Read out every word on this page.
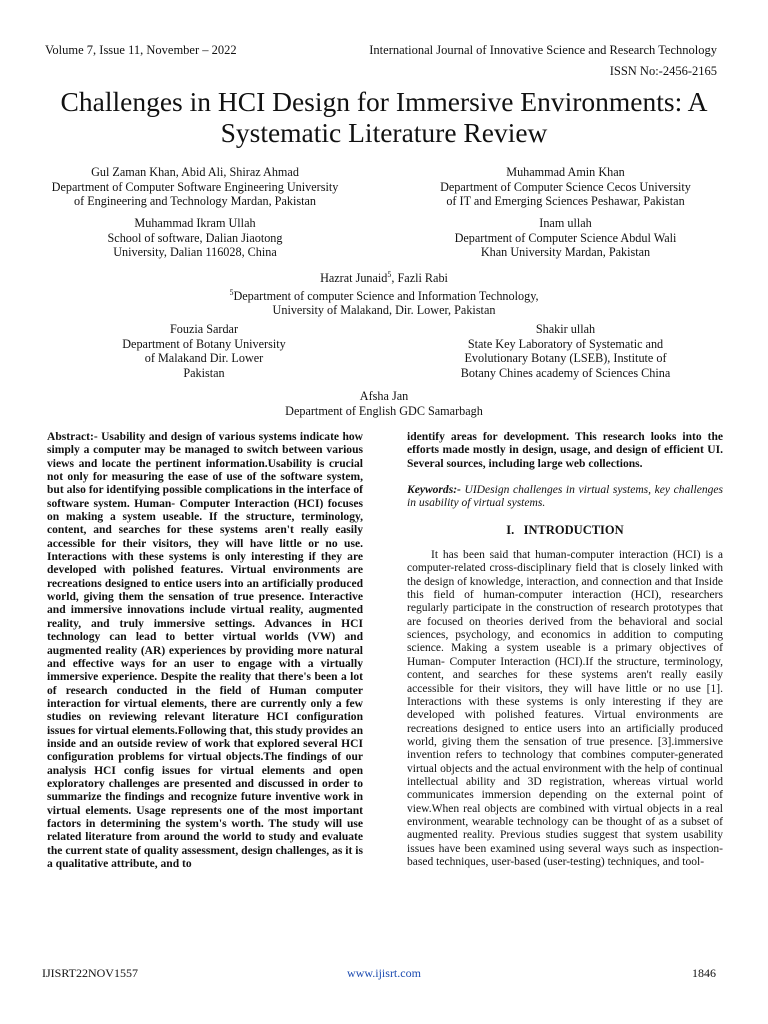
Volume 7, Issue 11, November – 2022	International Journal of Innovative Science and Research Technology
ISSN No:-2456-2165
Challenges in HCI Design for Immersive Environments: A Systematic Literature Review
Gul Zaman Khan, Abid Ali, Shiraz Ahmad
Department of Computer Software Engineering University
of Engineering and Technology Mardan, Pakistan
Muhammad Amin Khan
Department of Computer Science Cecos University
of IT and Emerging Sciences Peshawar, Pakistan
Muhammad Ikram Ullah
School of software, Dalian Jiaotong
University, Dalian 116028, China
Inam ullah
Department of Computer Science Abdul Wali
Khan University Mardan, Pakistan
Hazrat Junaid$^5$, Fazli Rabi
$^5$Department of computer Science and Information Technology,
University of Malakand, Dir. Lower, Pakistan
Fouzia Sardar
Department of Botany University
of Malakand Dir. Lower
Pakistan
Shakir ullah
State Key Laboratory of Systematic and
Evolutionary Botany (LSEB), Institute of
Botany Chines academy of Sciences China
Afsha Jan
Department of English GDC Samarbagh
Abstract:- Usability and design of various systems indicate how simply a computer may be managed to switch between various views and locate the pertinent information.Usability is crucial not only for measuring the ease of use of the software system, but also for identifying possible complications in the interface of software system. Human- Computer Interaction (HCI) focuses on making a system useable. If the structure, terminology, content, and searches for these systems aren't really easily accessible for their visitors, they will have little or no use. Interactions with these systems is only interesting if they are developed with polished features. Virtual environments are recreations designed to entice users into an artificially produced world, giving them the sensation of true presence. Interactive and immersive innovations include virtual reality, augmented reality, and truly immersive settings. Advances in HCI technology can lead to better virtual worlds (VW) and augmented reality (AR) experiences by providing more natural and effective ways for an user to engage with a virtually immersive experience. Despite the reality that there's been a lot of research conducted in the field of Human computer interaction for virtual elements, there are currently only a few studies on reviewing relevant literature HCI configuration issues for virtual elements.Following that, this study provides an inside and an outside review of work that explored several HCI configuration problems for virtual objects.The findings of our analysis HCI config issues for virtual elements and open exploratory challenges are presented and discussed in order to summarize the findings and recognize future inventive work in virtual elements. Usage represents one of the most important factors in determining the system's worth. The study will use related literature from around the world to study and evaluate the current state of quality assessment, design challenges, as it is a qualitative attribute, and to
identify areas for development. This research looks into the efforts made mostly in design, usage, and design of efficient UI. Several sources, including large web collections.
Keywords:- UIDesign challenges in virtual systems, key challenges in usability of virtual systems.
I.   INTRODUCTION
It has been said that human-computer interaction (HCI) is a computer-related cross-disciplinary field that is closely linked with the design of knowledge, interaction, and connection and that Inside this field of human-computer interaction (HCI), researchers regularly participate in the construction of research prototypes that are focused on theories derived from the behavioral and social sciences, psychology, and economics in addition to computing science. Making a system useable is a primary objectives of Human- Computer Interaction (HCI).If the structure, terminology, content, and searches for these systems aren't really easily accessible for their visitors, they will have little or no use [1]. Interactions with these systems is only interesting if they are developed with polished features. Virtual environments are recreations designed to entice users into an artificially produced world, giving them the sensation of true presence. [3].immersive invention refers to technology that combines computer-generated virtual objects and the actual environment with the help of continual intellectual ability and 3D registration, whereas virtual world communicates immersion depending on the external point of view.When real objects are combined with virtual objects in a real environment, wearable technology can be thought of as a subset of augmented reality. Previous studies suggest that system usability issues have been examined using several ways such as inspection-based techniques, user-based (user-testing) techniques, and tool-
IJISRT22NOV1557	www.ijisrt.com	1846
